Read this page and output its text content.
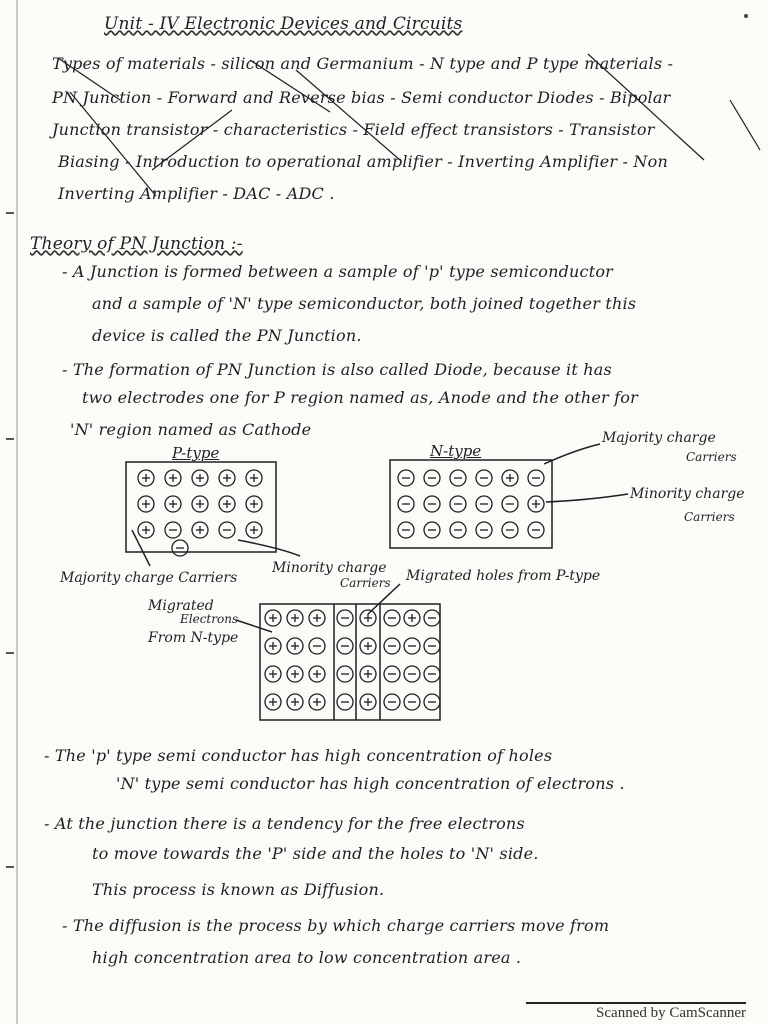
Unit - IV Electronic Devices and Circuits
Types of materials - silicon and Germanium - N type and P type materials -
PN Junction - Forward and Reverse bias - Semi conductor Diodes - Bipolar
Junction transistor - characteristics - Field effect transistors - Transistor
Biasing - Introduction to operational amplifier - Inverting Amplifier - Non
Inverting Amplifier - DAC - ADC .
Theory of PN Junction :-
- A Junction is formed between a sample of 'p' type semiconductor
and a sample of 'N' type semiconductor, both joined together this
device is called the PN Junction.
- The formation of PN Junction is also called Diode, because it has
two electrodes one for P region named as, Anode and the other for
'N' region named as Cathode
P-type	N-type
Majority charge
Carriers
Minority charge
Carriers
Majority charge Carriers
Minority charge
Carriers Migrated holes from P-type
Migrated
Electrons
From N-type
- The 'p' type semi conductor has high concentration of holes
'N' type semi conductor has high concentration of electrons .
- At the junction there is a tendency for the free electrons
to move towards the 'P' side and the holes to 'N' side.
This process is known as Diffusion.
- The diffusion is the process by which charge carriers move from
high concentration area to low concentration area .
Scanned by CamScanner
